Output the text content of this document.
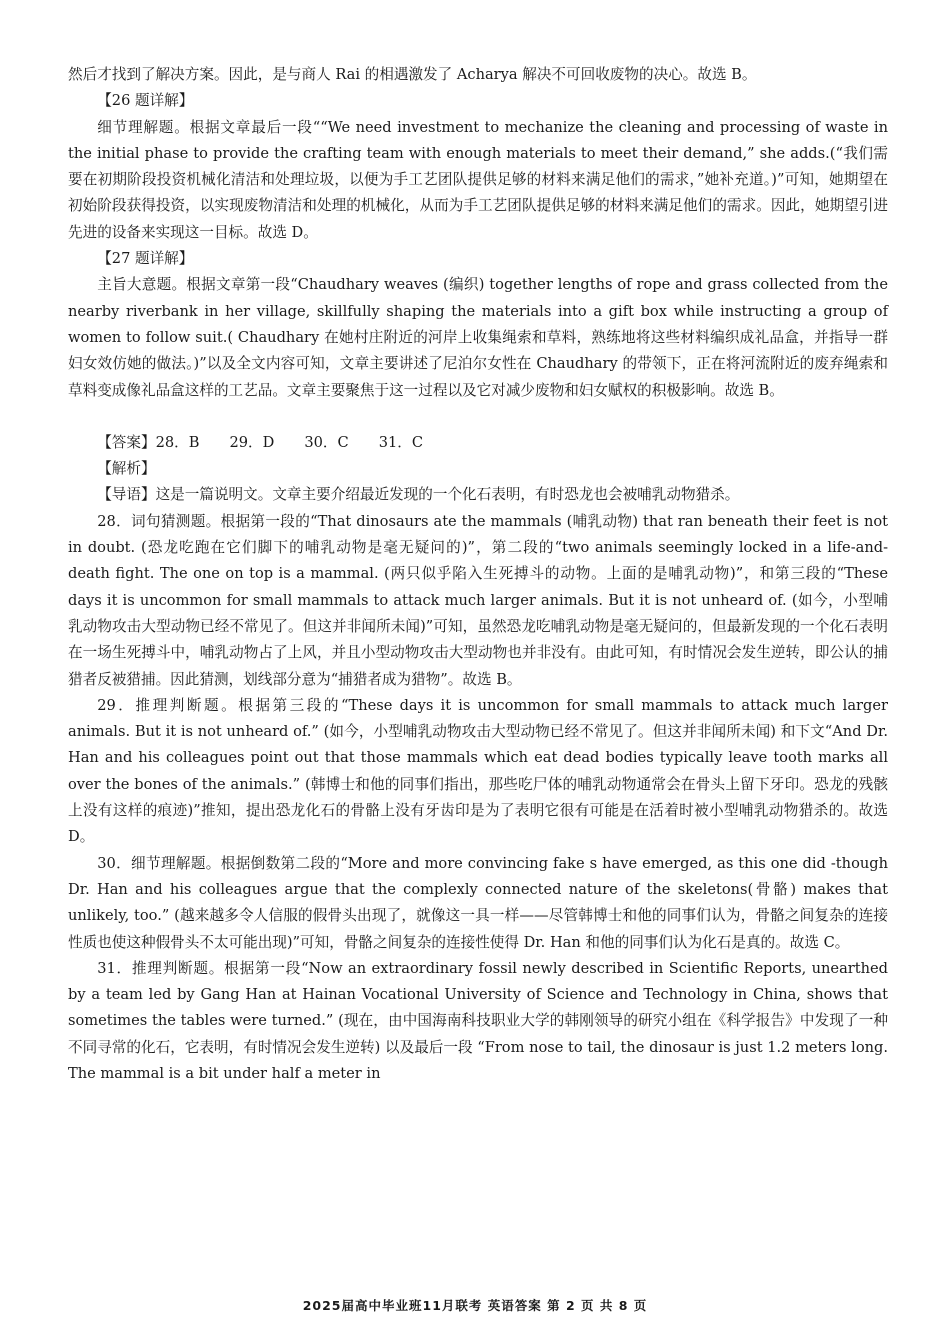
然后才找到了解决方案。因此，是与商人 Rai 的相遇激发了 Acharya 解决不可回收废物的决心。故选 B。

【26 题详解】

细节理解题。根据文章最后一段““We need investment to mechanize the cleaning and processing of waste in the initial phase to provide the crafting team with enough materials to meet their demand,” she adds.(“我们需要在初期阶段投资机械化清洁和处理垃圾，以便为手工艺团队提供足够的材料来满足他们的需求，”她补充道。)”可知，她期望在初始阶段获得投资，以实现废物清洁和处理的机械化，从而为手工艺团队提供足够的材料来满足他们的需求。因此，她期望引进先进的设备来实现这一目标。故选 D。

【27 题详解】

主旨大意题。根据文章第一段“Chaudhary weaves (编织) together lengths of rope and grass collected from the nearby riverbank in her village, skillfully shaping the materials into a gift box while instructing a group of women to follow suit.( Chaudhary 在她村庄附近的河岸上收集绳索和草料，熟练地将这些材料编织成礼品盒，并指导一群妇女效仿她的做法。)”以及全文内容可知，文章主要讲述了尼泊尔女性在 Chaudhary 的带领下，正在将河流附近的废弃绳索和草料变成像礼品盒这样的工艺品。文章主要聚焦于这一过程以及它对减少废物和妇女赋权的积极影响。故选 B。

【答案】28．B 29．D 30．C 31．C

【解析】

【导语】这是一篇说明文。文章主要介绍最近发现的一个化石表明，有时恐龙也会被哺乳动物猎杀。

28．词句猜测题。根据第一段的“That dinosaurs ate the mammals (哺乳动物) that ran beneath their feet is not in doubt. (恐龙吃跑在它们脚下的哺乳动物是毫无疑问的)”，第二段的“two animals seemingly locked in a life-and-death fight. The one on top is a mammal. (两只似乎陷入生死搏斗的动物。上面的是哺乳动物)”，和第三段的“These days it is uncommon for small mammals to attack much larger animals. But it is not unheard of. (如今，小型哺乳动物攻击大型动物已经不常见了。但这并非闻所未闻)”可知，虽然恐龙吃哺乳动物是毫无疑问的，但最新发现的一个化石表明在一场生死搏斗中，哺乳动物占了上风，并且小型动物攻击大型动物也并非没有。由此可知，有时情况会发生逆转，即公认的捕猎者反被猎捕。因此猜测，划线部分意为“捕猎者成为猎物”。故选 B。

29．推理判断题。根据第三段的“These days it is uncommon for small mammals to attack much larger animals. But it is not unheard of.” (如今，小型哺乳动物攻击大型动物已经不常见了。但这并非闻所未闻) 和下文“And Dr. Han and his colleagues point out that those mammals which eat dead bodies typically leave tooth marks all over the bones of the animals.” (韩博士和他的同事们指出，那些吃尸体的哺乳动物通常会在骨头上留下牙印。恐龙的残骸上没有这样的痕迹)”推知，提出恐龙化石的骨骼上没有牙齿印是为了表明它很有可能是在活着时被小型哺乳动物猎杀的。故选 D。

30．细节理解题。根据倒数第二段的“More and more convincing fake s have emerged, as this one did -though Dr. Han and his colleagues argue that the complexly connected nature of the skeletons(骨骼) makes that unlikely, too.” (越来越多令人信服的假骨头出现了，就像这一具一样——尽管韩博士和他的同事们认为，骨骼之间复杂的连接性质也使这种假骨头不太可能出现)”可知，骨骼之间复杂的连接性使得 Dr. Han 和他的同事们认为化石是真的。故选 C。

31．推理判断题。根据第一段“Now an extraordinary fossil newly described in Scientific Reports, unearthed by a team led by Gang Han at Hainan Vocational University of Science and Technology in China, shows that sometimes the tables were turned.” (现在，由中国海南科技职业大学的韩刚领导的研究小组在《科学报告》中发现了一种不同寻常的化石，它表明，有时情况会发生逆转) 以及最后一段 “From nose to tail, the dinosaur is just 1.2 meters long. The mammal is a bit under half a meter in

2025届高中毕业班11月联考 英语答案 第 2 页 共 8 页
